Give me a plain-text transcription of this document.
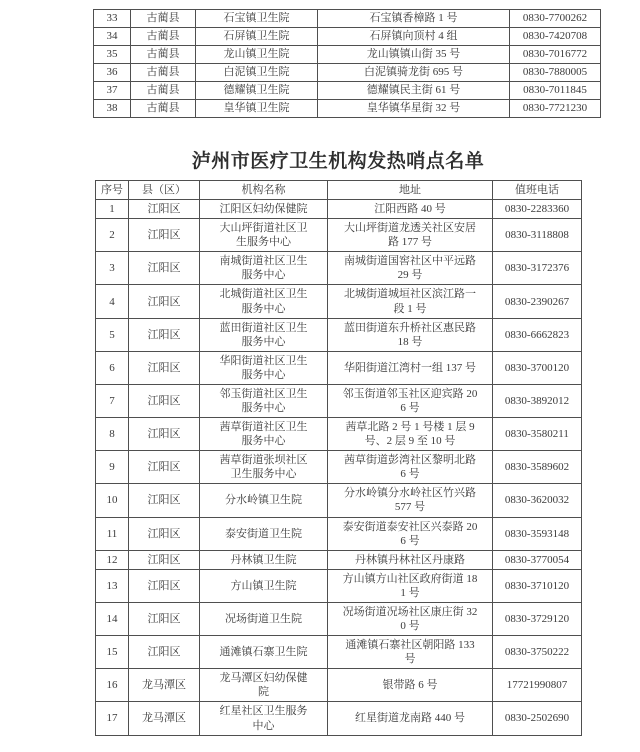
33	古蔺县	石宝镇卫生院	石宝镇香樟路 1 号	0830-7700262
34	古蔺县	石屏镇卫生院	石屏镇向顶村 4 组	0830-7420708
35	古蔺县	龙山镇卫生院	龙山镇镇山街 35 号	0830-7016772
36	古蔺县	白泥镇卫生院	白泥镇骑龙街 695 号	0830-7880005
37	古蔺县	德耀镇卫生院	德耀镇民主街 61 号	0830-7011845
38	古蔺县	皇华镇卫生院	皇华镇华星街 32 号	0830-7721230
泸州市医疗卫生机构发热哨点名单
序号	县（区）	机构名称	地址	值班电话
1	江阳区	江阳区妇幼保健院	江阳西路 40 号	0830-2283360
2	江阳区	大山坪街道社区卫生服务中心	大山坪街道龙透关社区安居路 177 号	0830-3118808
3	江阳区	南城街道社区卫生服务中心	南城街道国窖社区中平远路 29 号	0830-3172376
4	江阳区	北城街道社区卫生服务中心	北城街道城垣社区滨江路一段 1 号	0830-2390267
5	江阳区	蓝田街道社区卫生服务中心	蓝田街道东升桥社区惠民路 18 号	0830-6662823
6	江阳区	华阳街道社区卫生服务中心	华阳街道江湾村一组 137 号	0830-3700120
7	江阳区	邻玉街道社区卫生服务中心	邻玉街道邻玉社区迎宾路 206 号	0830-3892012
8	江阳区	茜草街道社区卫生服务中心	茜草北路 2 号 1 号楼 1 层 9 号、2 层 9 至 10 号	0830-3580211
9	江阳区	茜草街道张坝社区卫生服务中心	茜草街道彭湾社区黎明北路 6 号	0830-3589602
10	江阳区	分水岭镇卫生院	分水岭镇分水岭社区竹兴路 577 号	0830-3620032
11	江阳区	泰安街道卫生院	泰安街道泰安社区兴泰路 206 号	0830-3593148
12	江阳区	丹林镇卫生院	丹林镇丹林社区丹康路	0830-3770054
13	江阳区	方山镇卫生院	方山镇方山社区政府街道 181 号	0830-3710120
14	江阳区	况场街道卫生院	况场街道况场社区康庄街 320 号	0830-3729120
15	江阳区	通滩镇石寨卫生院	通滩镇石寨社区朝阳路 133 号	0830-3750222
16	龙马潭区	龙马潭区妇幼保健院	银带路 6 号	17721990807
17	龙马潭区	红星社区卫生服务中心	红星街道龙南路 440 号	0830-2502690
